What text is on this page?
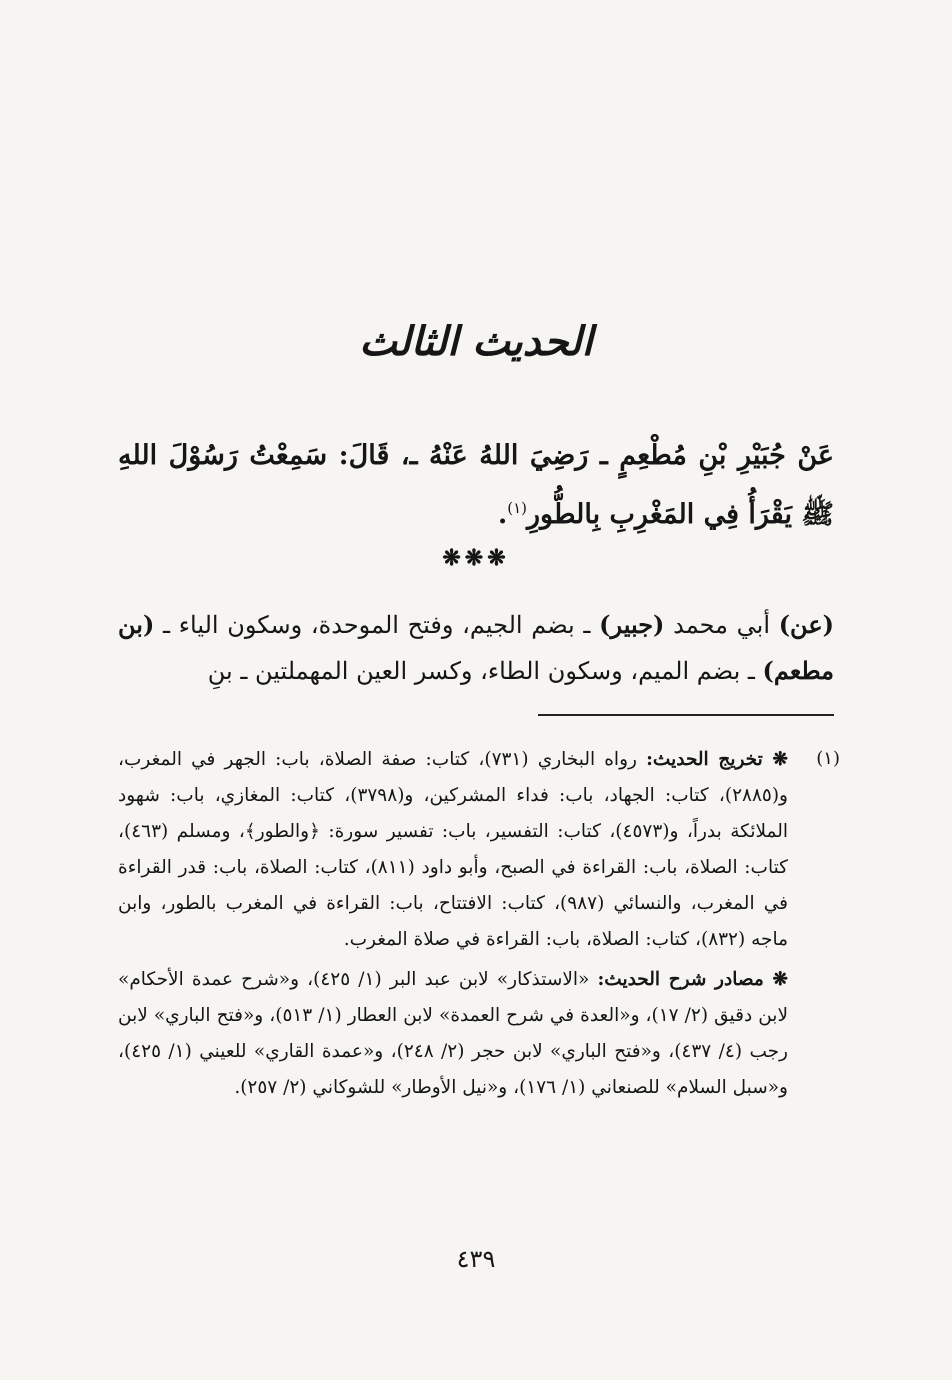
الحديث الثالث
عَنْ جُبَيْرِ بْنِ مُطْعِمٍ ـ رَضِيَ اللهُ عَنْهُ ـ، قَالَ: سَمِعْتُ رَسُوْلَ اللهِ ﷺ يَقْرَأُ فِي المَغْرِبِ بِالطُّورِ$^{(١)}$.
❋❋❋
(عن) أبي محمد (جبير) ـ بضم الجيم، وفتح الموحدة، وسكون الياء ـ (بن مطعم) ـ بضم الميم، وسكون الطاء، وكسر العين المهملتين ـ بنِ
(١)

❋ تخريج الحديث: رواه البخاري (٧٣١)، كتاب: صفة الصلاة، باب: الجهر في المغرب، و(٢٨٨٥)، كتاب: الجهاد، باب: فداء المشركين، و(٣٧٩٨)، كتاب: المغازي، باب: شهود الملائكة بدراً، و(٤٥٧٣)، كتاب: التفسير، باب: تفسير سورة: ﴿والطور﴾، ومسلم (٤٦٣)، كتاب: الصلاة، باب: القراءة في الصبح، وأبو داود (٨١١)، كتاب: الصلاة، باب: قدر القراءة في المغرب، والنسائي (٩٨٧)، كتاب: الافتتاح، باب: القراءة في المغرب بالطور، وابن ماجه (٨٣٢)، كتاب: الصلاة، باب: القراءة في صلاة المغرب.

❋ مصادر شرح الحديث: «الاستذكار» لابن عبد البر (١/ ٤٢٥)، و«شرح عمدة الأحكام» لابن دقيق (٢/ ١٧)، و«العدة في شرح العمدة» لابن العطار (١/ ٥١٣)، و«فتح الباري» لابن رجب (٤/ ٤٣٧)، و«فتح الباري» لابن حجر (٢/ ٢٤٨)، و«عمدة القاري» للعيني (١/ ٤٢٥)، و«سبل السلام» للصنعاني (١/ ١٧٦)، و«نيل الأوطار» للشوكاني (٢/ ٢٥٧).

٤٣٩
